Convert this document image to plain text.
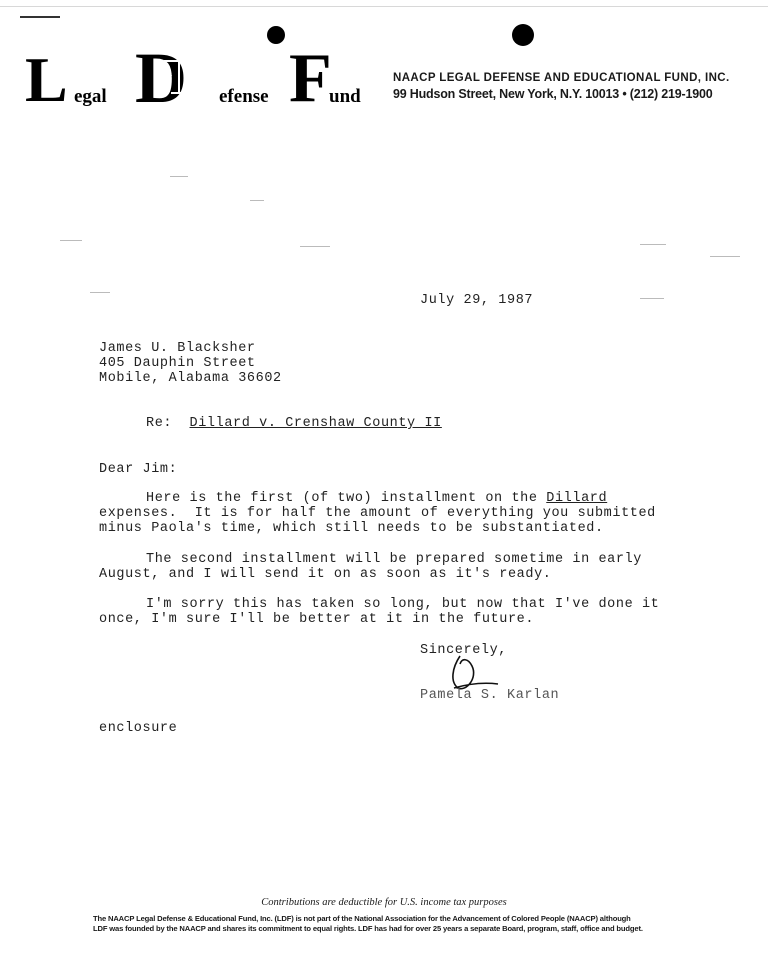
L egal D efense F
und
NAACP LEGAL DEFENSE AND EDUCATIONAL FUND, INC.
99 Hudson Street, New York, N.Y. 10013 • (212) 219-1900
July 29, 1987
James U. Blacksher
405 Dauphin Street
Mobile, Alabama 36602
Re: Dillard v. Crenshaw County II
Dear Jim:
Here is the first (of two) installment on the Dillard
expenses.  It is for half the amount of everything you submitted
minus Paola's time, which still needs to be substantiated.
The second installment will be prepared sometime in early
August, and I will send it on as soon as it's ready.
I'm sorry this has taken so long, but now that I've done it
once, I'm sure I'll be better at it in the future.
Sincerely,
Pamela S. Karlan
enclosure
Contributions are deductible for U.S. income tax purposes
The NAACP Legal Defense & Educational Fund, Inc. (LDF) is not part of the National Association for the Advancement of Colored People (NAACP) although
LDF was founded by the NAACP and shares its commitment to equal rights. LDF has had for over 25 years a separate Board, program, staff, office and budget.
